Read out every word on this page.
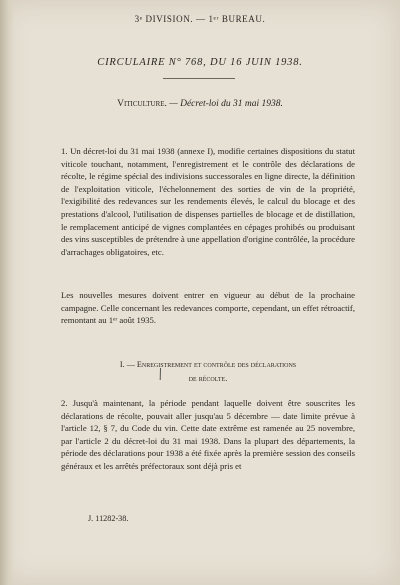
3ᵉ DIVISION. — 1ᵉʳ BUREAU.
CIRCULAIRE N° 768, DU 16 JUIN 1938.
Viticulture. — Décret-loi du 31 mai 1938.

1. Un décret-loi du 31 mai 1938 (annexe I), modifie certaines dispositions du statut viticole touchant, notamment, l'enregistrement et le contrôle des déclarations de récolte, le régime spécial des indivisions successorales en ligne directe, la définition de l'exploitation viticole, l'échelonnement des sorties de vin de la propriété, l'exigibilité des redevances sur les rendements élevés, le calcul du blocage et des prestations d'alcool, l'utilisation de dispenses partielles de blocage et de distillation, le remplacement anticipé de vignes complantées en cépages prohibés ou produisant des vins susceptibles de prétendre à une appellation d'origine contrôlée, la procédure d'arrachages obligatoires, etc.

Les nouvelles mesures doivent entrer en vigueur au début de la prochaine campagne. Celle concernant les redevances comporte, cependant, un effet rétroactif, remontant au 1ᵉʳ août 1935.

I. — Enregistrement et contrôle des déclarations
de récolte.

2. Jusqu'à maintenant, la période pendant laquelle doivent être souscrites les déclarations de récolte, pouvait aller jusqu'au 5 décembre — date limite prévue à l'article 12, § 7, du Code du vin. Cette date extrême est ramenée au 25 novembre, par l'article 2 du décret-loi du 31 mai 1938. Dans la plupart des départements, la période des déclarations pour 1938 a été fixée après la première session des conseils généraux et les arrêtés préfectoraux sont déjà pris et

J. 11282-38.
